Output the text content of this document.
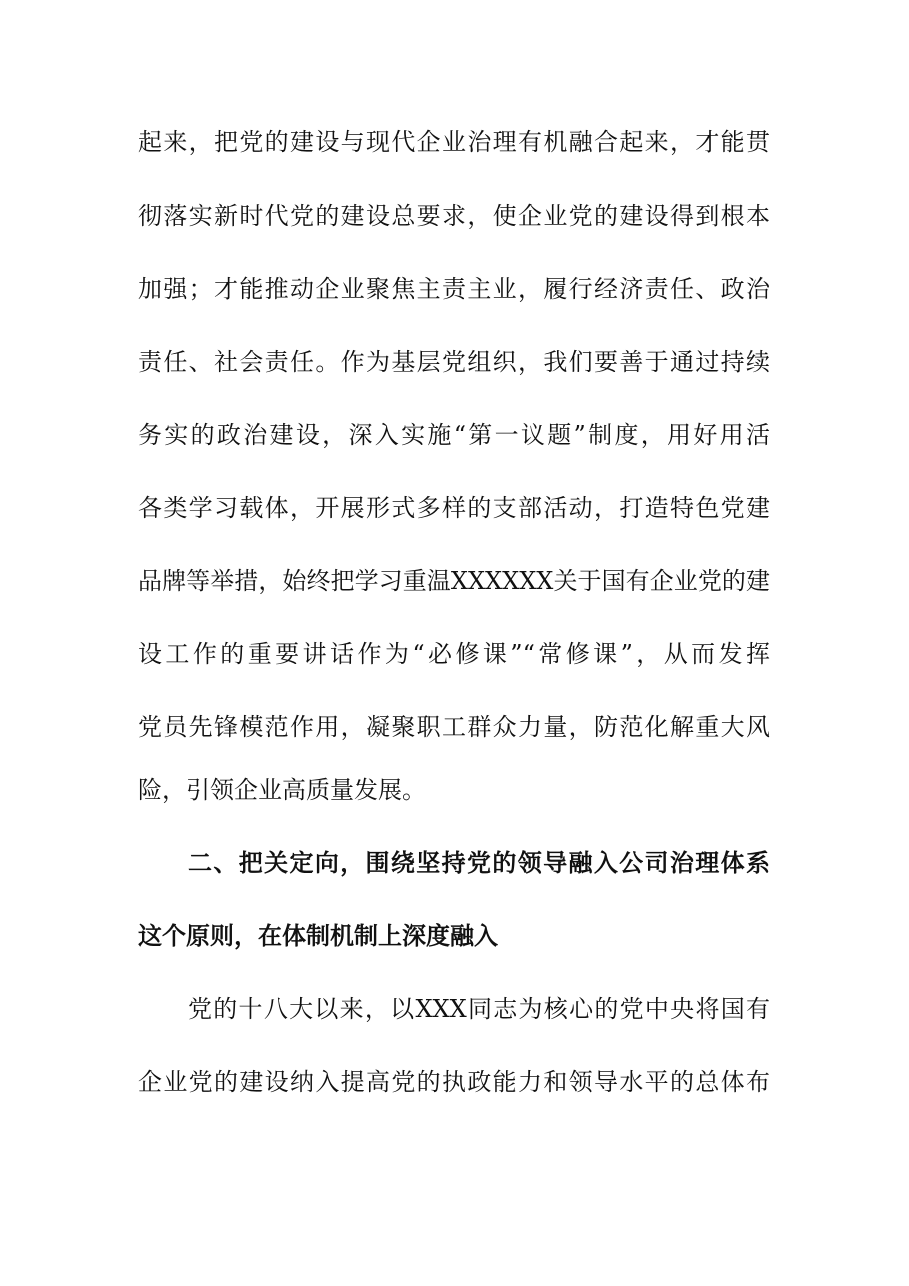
起来，把党的建设与现代企业治理有机融合起来，才能贯
彻落实新时代党的建设总要求，使企业党的建设得到根本
加强；才能推动企业聚焦主责主业，履行经济责任、政治
责任、社会责任。作为基层党组织，我们要善于通过持续
务实的政治建设，深入实施“第一议题”制度，用好用活
各类学习载体，开展形式多样的支部活动，打造特色党建
品牌等举措，始终把学习重温XXXXXX关于国有企业党的建
设工作的重要讲话作为“必修课”“常修课”，从而发挥
党员先锋模范作用，凝聚职工群众力量，防范化解重大风
险，引领企业高质量发展。
二、把关定向，围绕坚持党的领导融入公司治理体系
这个原则，在体制机制上深度融入
党的十八大以来，以XXX同志为核心的党中央将国有
企业党的建设纳入提高党的执政能力和领导水平的总体布
